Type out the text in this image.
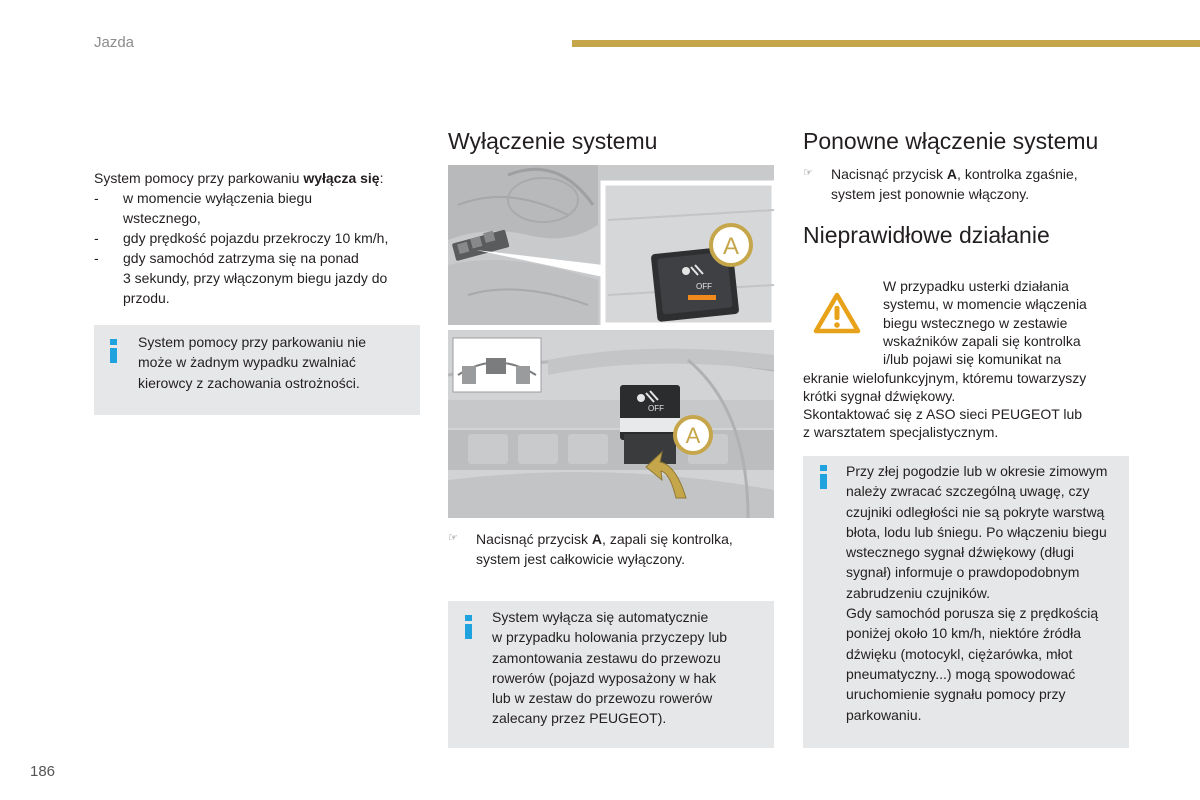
Jazda
System pomocy przy parkowaniu wyłącza się:
- w momencie wyłączenia biegu
wstecznego,
- gdy prędkość pojazdu przekroczy 10 km/h,
- gdy samochód zatrzyma się na ponad
3 sekundy, przy włączonym biegu jazdy do
przodu.
System pomocy przy parkowaniu nie
może w żadnym wypadku zwalniać
kierowcy z zachowania ostrożności.
Wyłączenie systemu
OFF
A
OFF
A
☞	Nacisnąć przycisk A, zapali się kontrolka,
system jest całkowicie wyłączony.
System wyłącza się automatycznie
w przypadku holowania przyczepy lub
zamontowania zestawu do przewozu
rowerów (pojazd wyposażony w hak
lub w zestaw do przewozu rowerów
zalecany przez PEUGEOT).
Ponowne włączenie systemu
☞	Nacisnąć przycisk A, kontrolka zgaśnie,
system jest ponownie włączony.
Nieprawidłowe działanie
W przypadku usterki działania
systemu, w momencie włączenia
biegu wstecznego w zestawie
wskaźników zapali się kontrolka
i/lub pojawi się komunikat na
ekranie wielofunkcyjnym, któremu towarzyszy
krótki sygnał dźwiękowy.
Skontaktować się z ASO sieci PEUGEOT lub
z warsztatem specjalistycznym.
Przy złej pogodzie lub w okresie zimowym
należy zwracać szczególną uwagę, czy
czujniki odległości nie są pokryte warstwą
błota, lodu lub śniegu. Po włączeniu biegu
wstecznego sygnał dźwiękowy (długi
sygnał) informuje o prawdopodobnym
zabrudzeniu czujników.
Gdy samochód porusza się z prędkością
poniżej około 10 km/h, niektóre źródła
dźwięku (motocykl, ciężarówka, młot
pneumatyczny...) mogą spowodować
uruchomienie sygnału pomocy przy
parkowaniu.
186
